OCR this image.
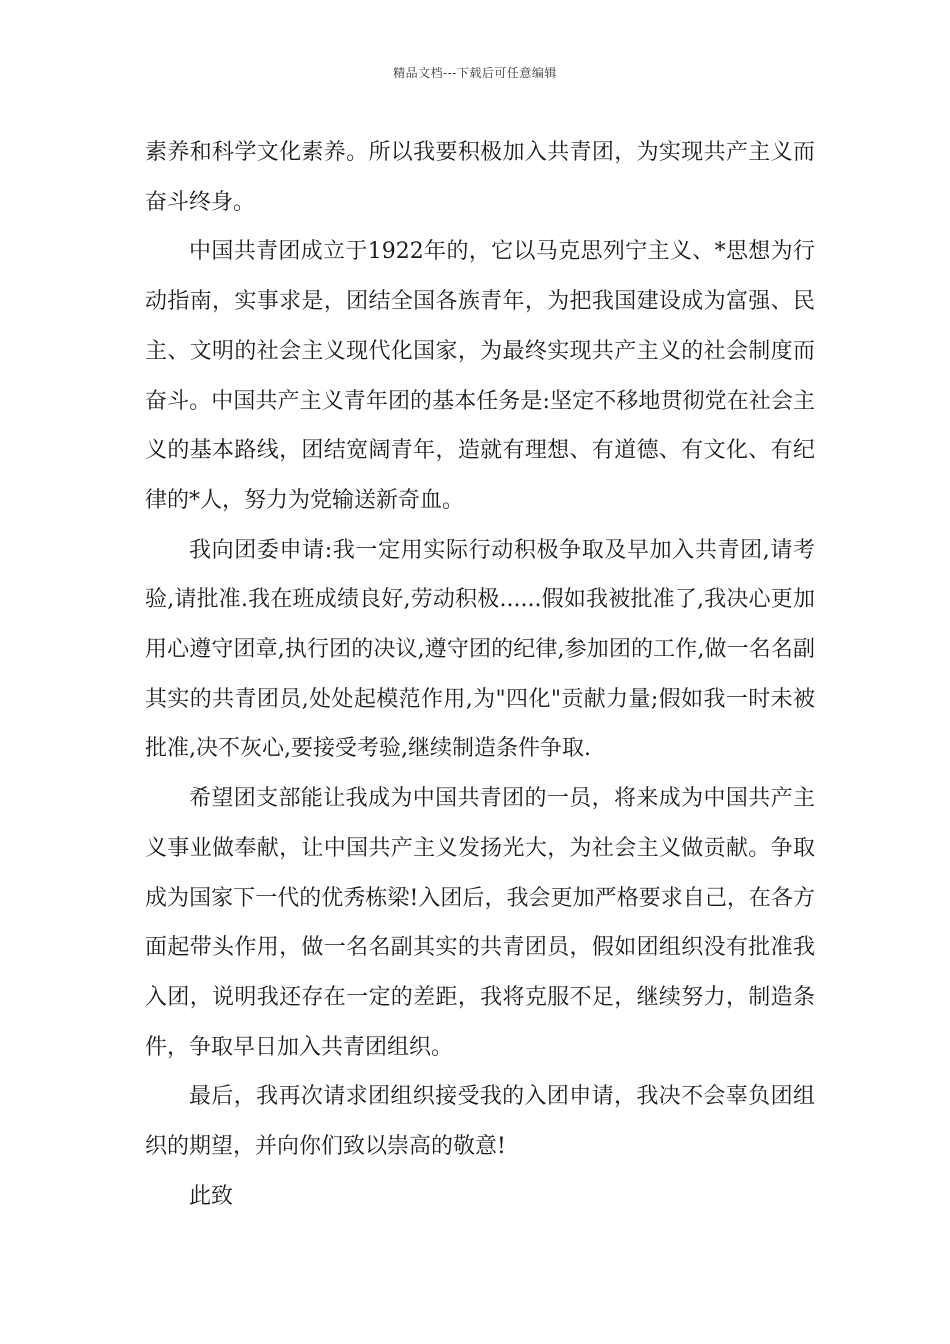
精品文档---下载后可任意编辑

素养和科学文化素养。所以我要积极加入共青团，为实现共产主义而奋斗终身。

中国共青团成立于1922年的，它以马克思列宁主义、*思想为行动指南，实事求是，团结全国各族青年，为把我国建设成为富强、民主、文明的社会主义现代化国家，为最终实现共产主义的社会制度而奋斗。中国共产主义青年团的基本任务是:坚定不移地贯彻党在社会主义的基本路线，团结宽阔青年，造就有理想、有道德、有文化、有纪律的*人，努力为党输送新奇血。

我向团委申请:我一定用实际行动积极争取及早加入共青团,请考验,请批准.我在班成绩良好,劳动积极......假如我被批准了,我决心更加用心遵守团章,执行团的决议,遵守团的纪律,参加团的工作,做一名名副其实的共青团员,处处起模范作用,为"四化"贡献力量;假如我一时未被批准,决不灰心,要接受考验,继续制造条件争取.

希望团支部能让我成为中国共青团的一员，将来成为中国共产主义事业做奉献，让中国共产主义发扬光大，为社会主义做贡献。争取成为国家下一代的优秀栋梁!入团后，我会更加严格要求自己，在各方面起带头作用，做一名名副其实的共青团员，假如团组织没有批准我入团，说明我还存在一定的差距，我将克服不足，继续努力，制造条件，争取早日加入共青团组织。

最后，我再次请求团组织接受我的入团申请，我决不会辜负团组织的期望，并向你们致以崇高的敬意!

此致
